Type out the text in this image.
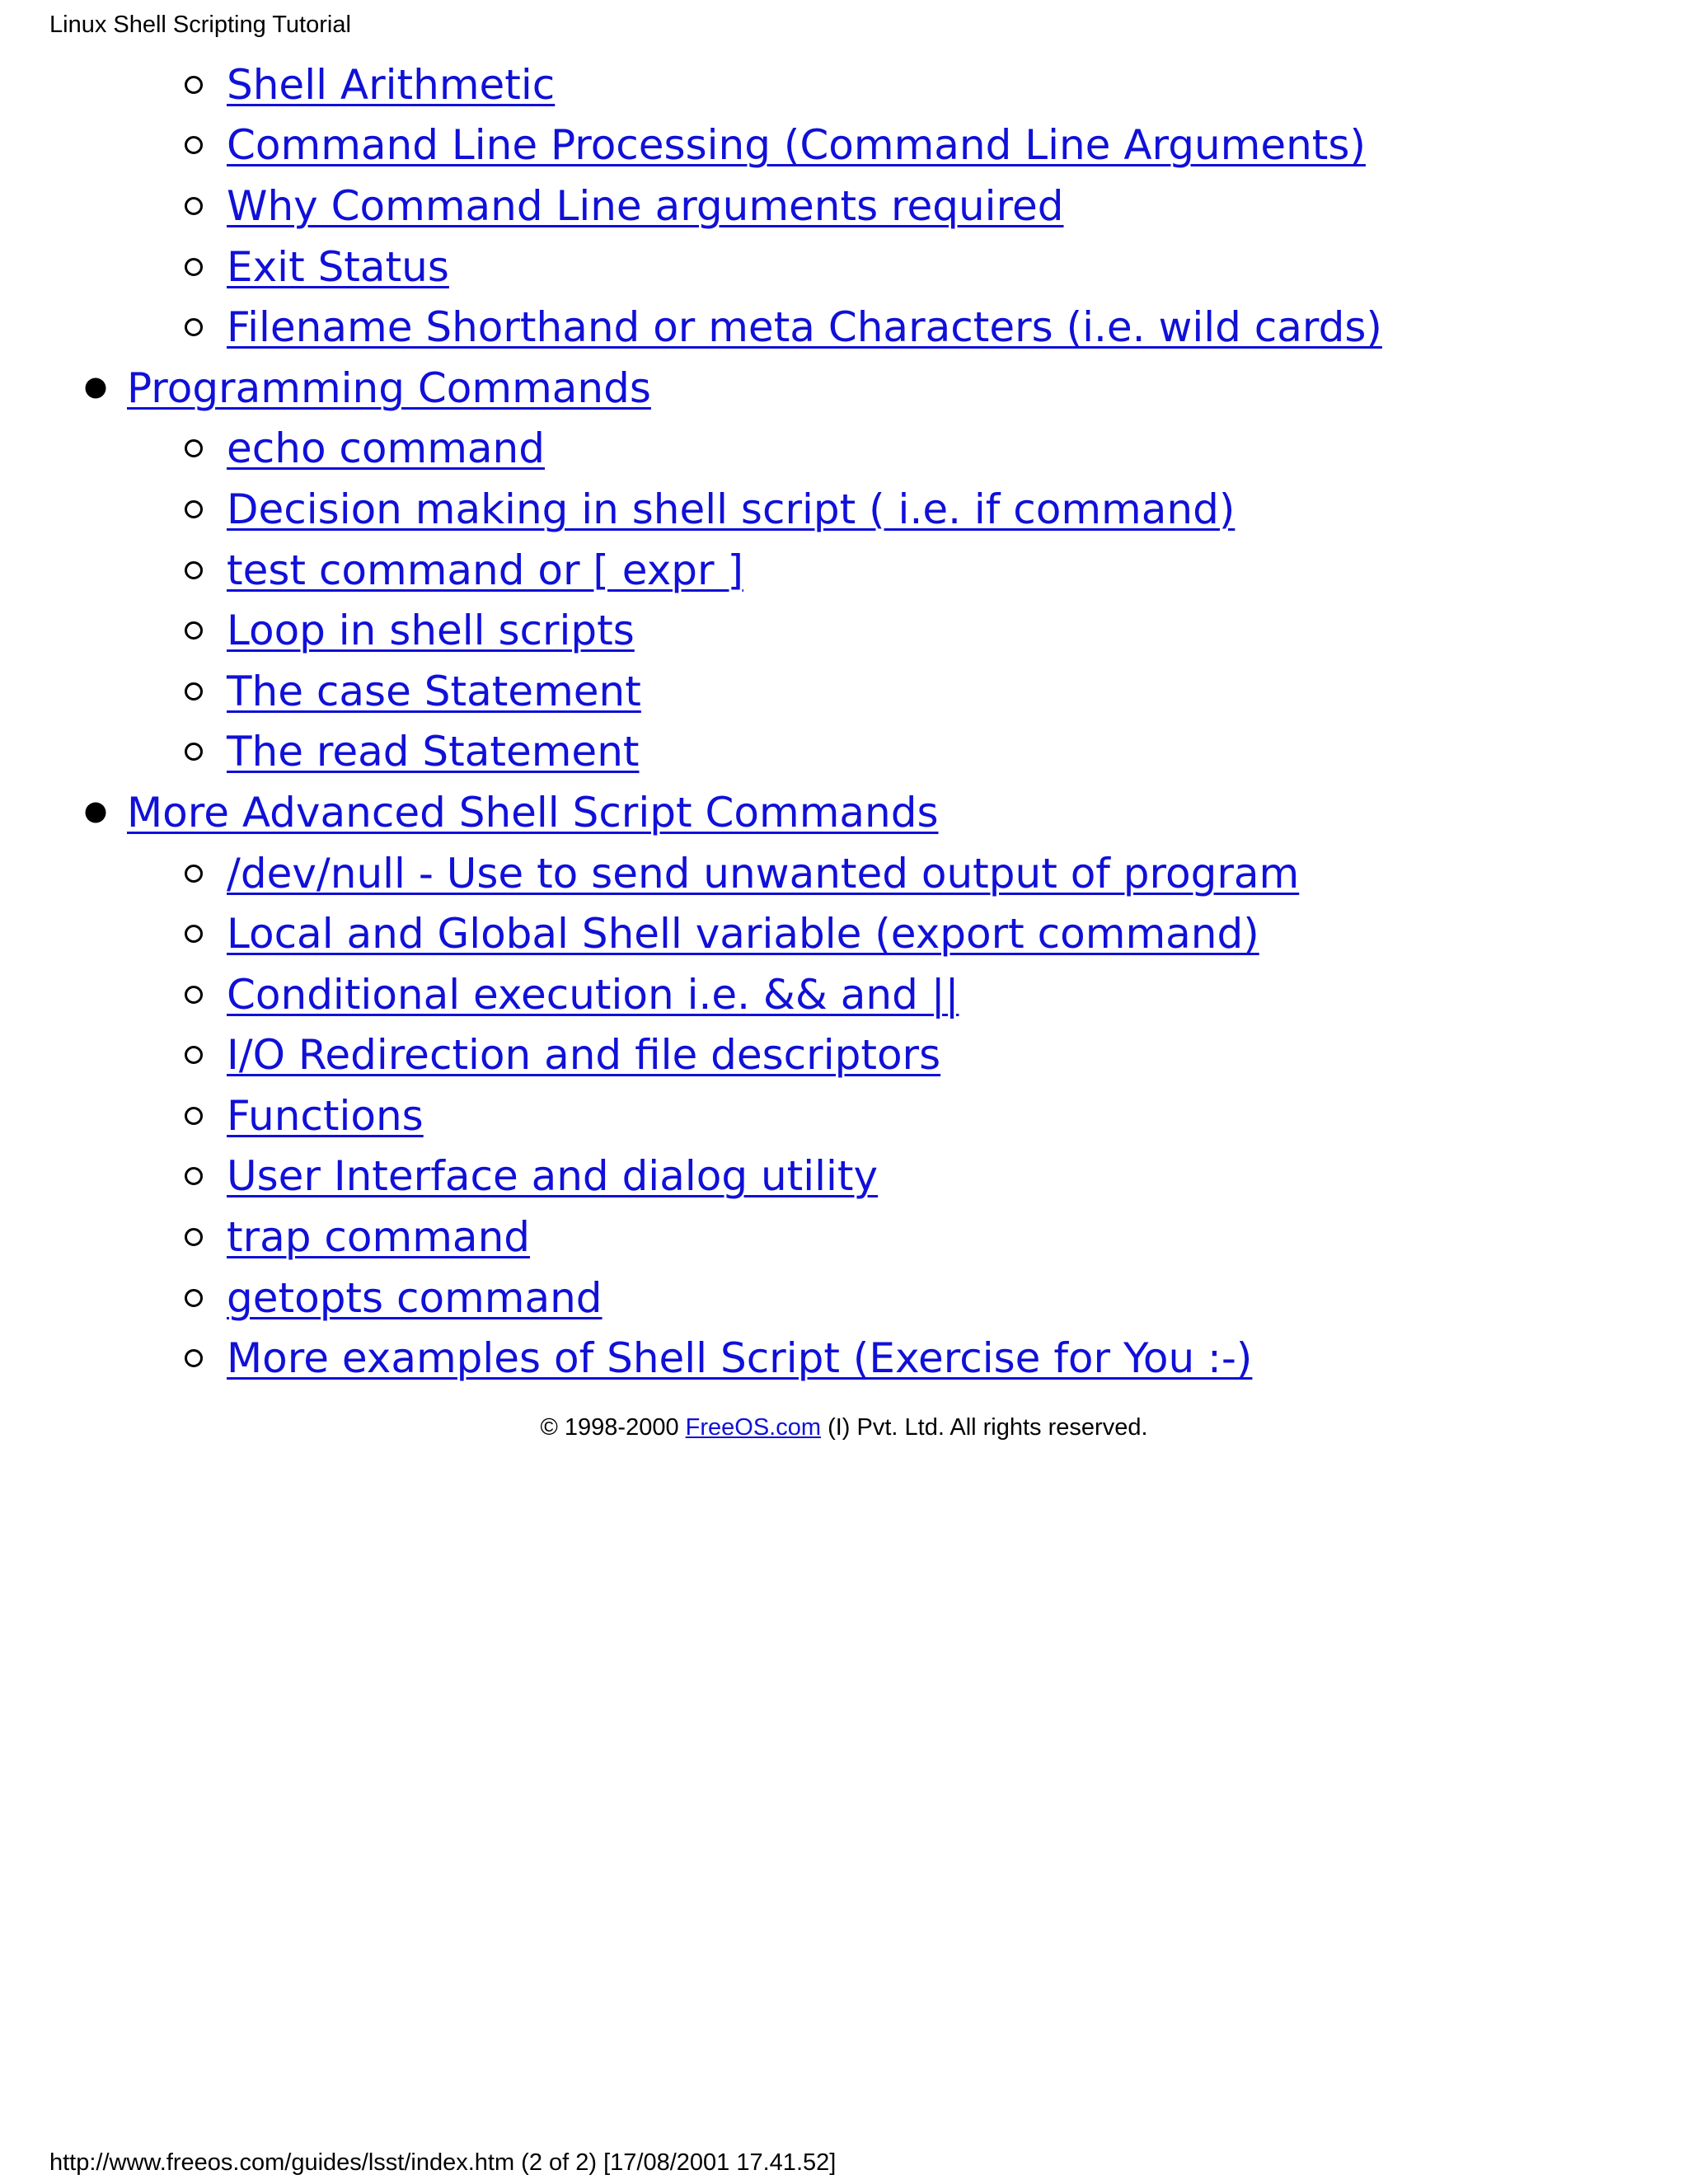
Linux Shell Scripting Tutorial
Shell Arithmetic
Command Line Processing (Command Line Arguments)
Why Command Line arguments required
Exit Status
Filename Shorthand or meta Characters (i.e. wild cards)
Programming Commands
echo command
Decision making in shell script ( i.e. if command)
test command or [ expr ]
Loop in shell scripts
The case Statement
The read Statement
More Advanced Shell Script Commands
/dev/null - Use to send unwanted output of program
Local and Global Shell variable (export command)
Conditional execution i.e. && and ||
I/O Redirection and file descriptors
Functions
User Interface and dialog utility
trap command
getopts command
More examples of Shell Script (Exercise for You :-)
© 1998-2000 FreeOS.com (I) Pvt. Ltd. All rights reserved.
http://www.freeos.com/guides/lsst/index.htm (2 of 2) [17/08/2001 17.41.52]
